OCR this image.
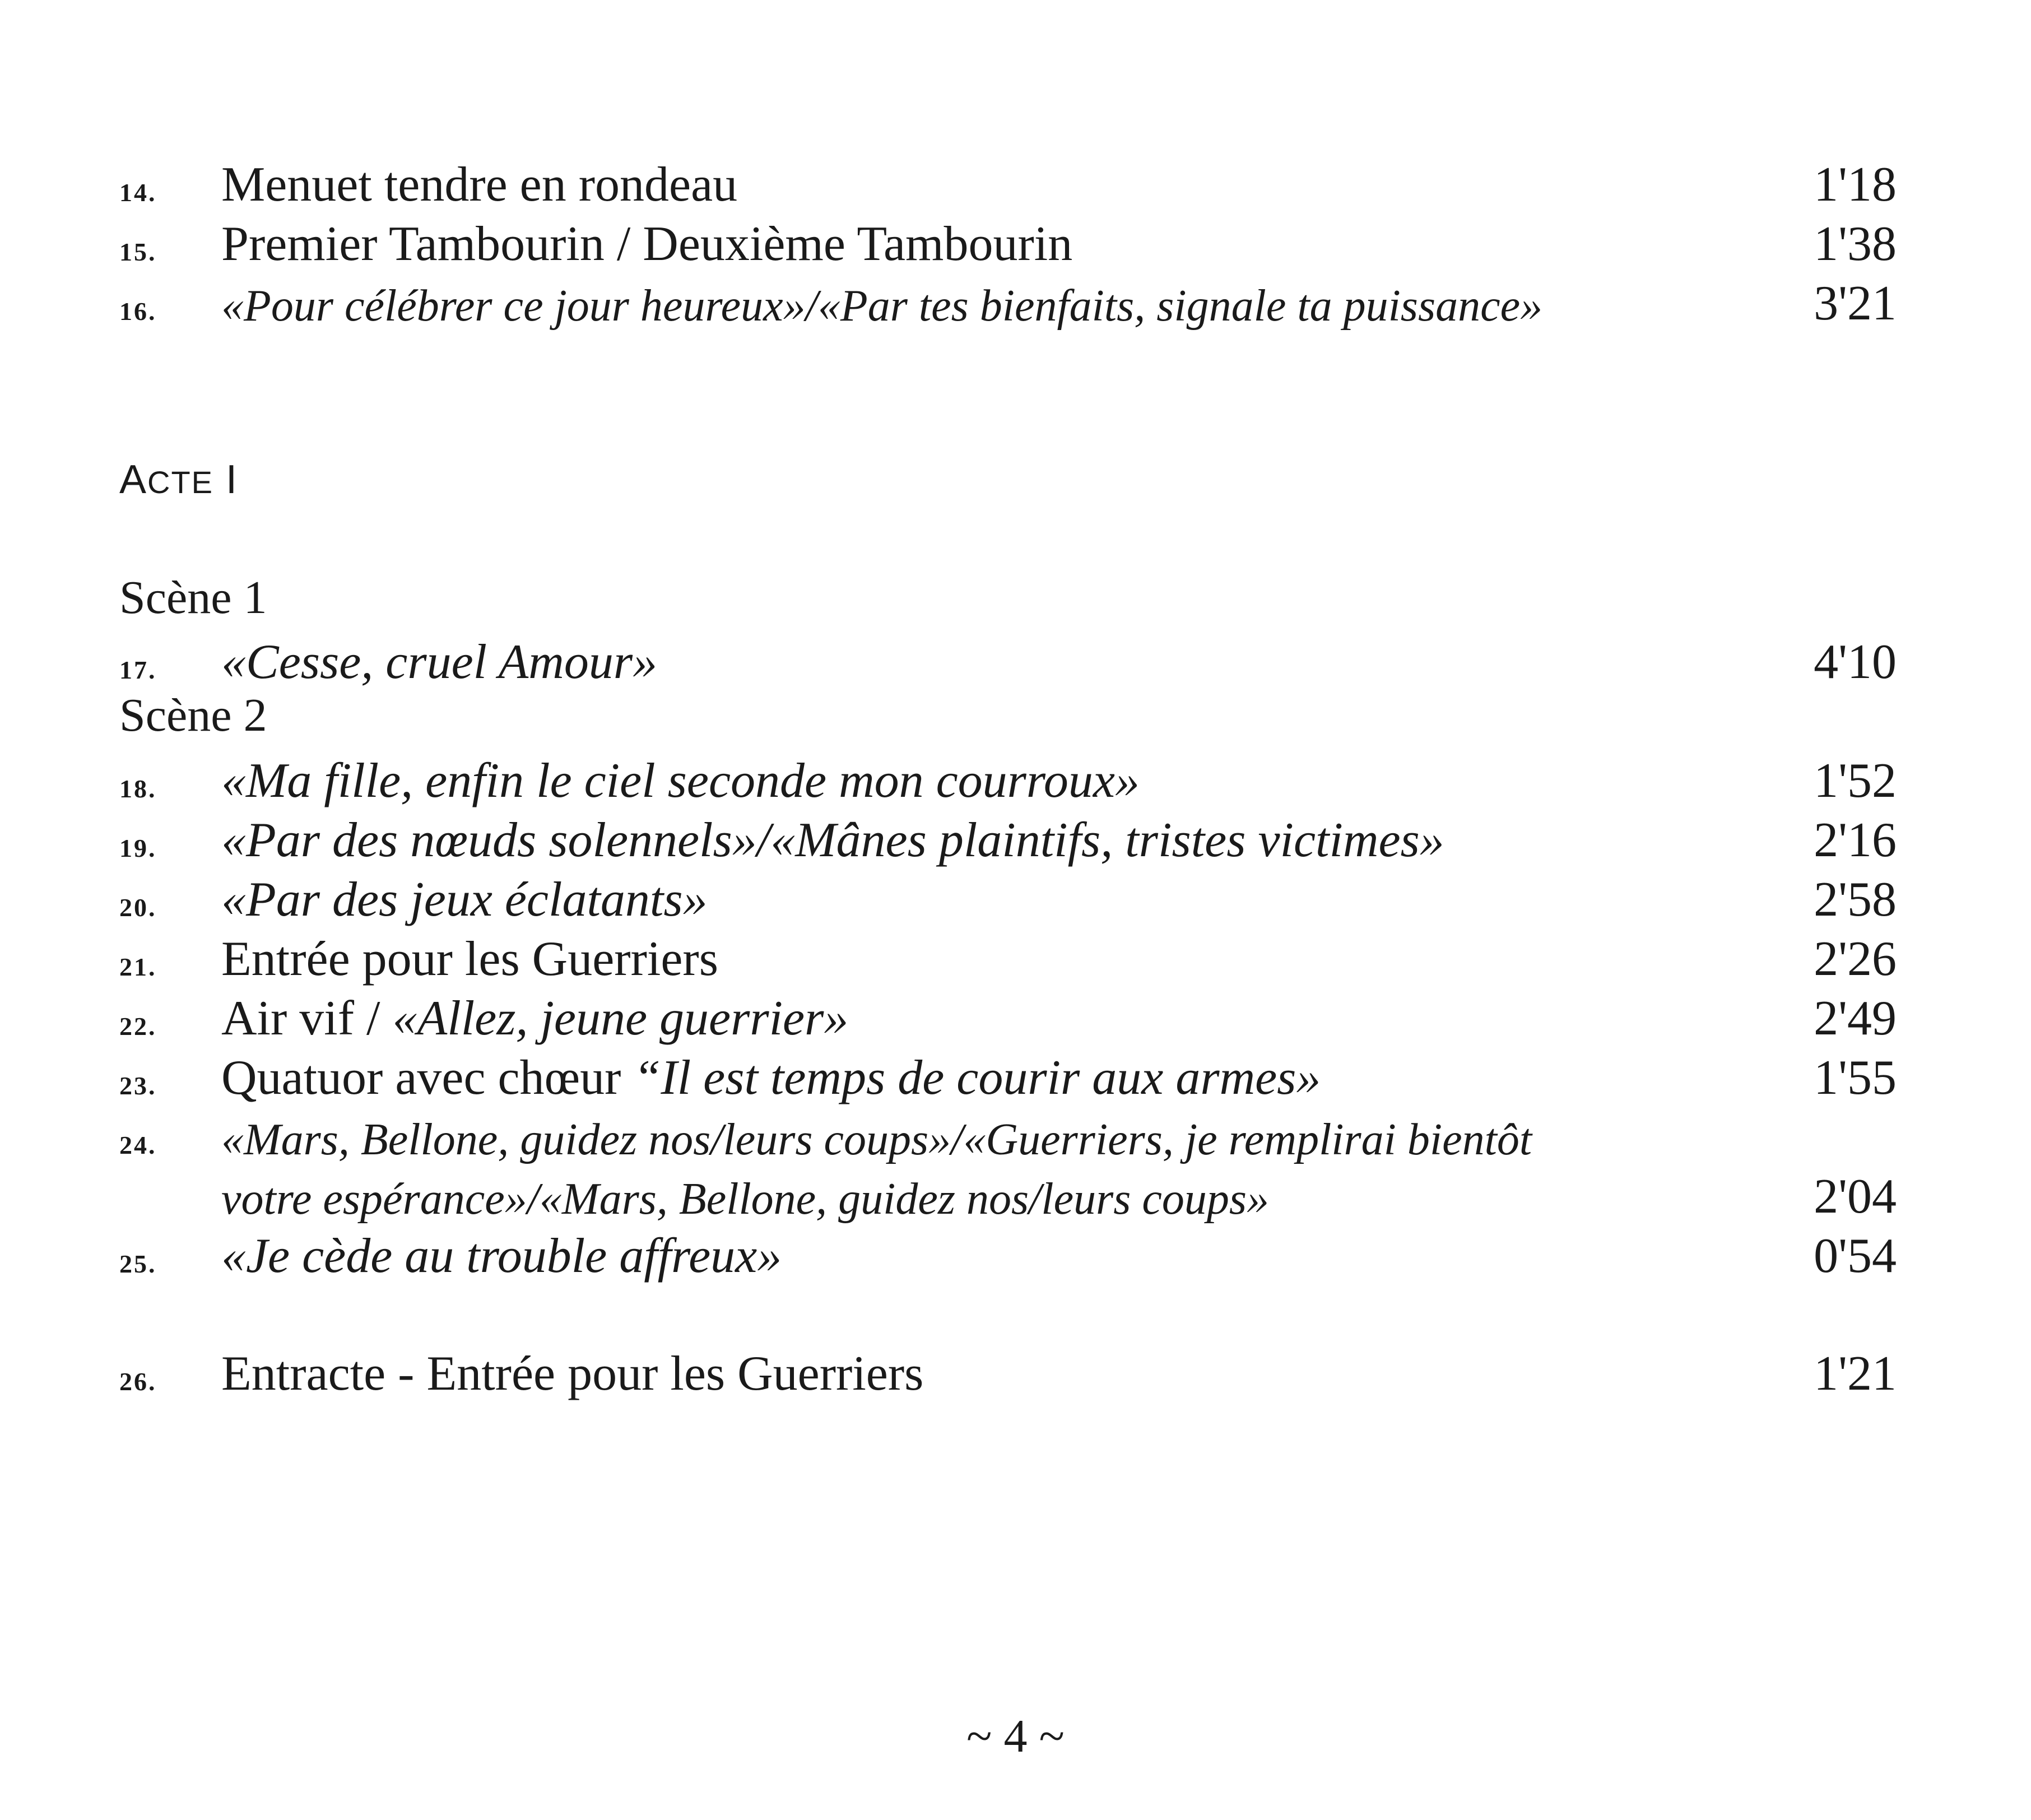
14. Menuet tendre en rondeau	1'18
15. Premier Tambourin / Deuxième Tambourin	1'38
16. «Pour célébrer ce jour heureux»/«Par tes bienfaits, signale ta puissance»	3'21
ACTE I
Scène 1
17. «Cesse, cruel Amour»	4'10
Scène 2
18. «Ma fille, enfin le ciel seconde mon courroux»	1'52
19. «Par des nœuds solennels»/«Mânes plaintifs, tristes victimes»	2'16
20. «Par des jeux éclatants»	2'58
21. Entrée pour les Guerriers	2'26
22. Air vif / «Allez, jeune guerrier»	2'49
23. Quatuor avec chœur “Il est temps de courir aux armes»	1'55
24. «Mars, Bellone, guidez nos/leurs coups»/«Guerriers, je remplirai bientôt
votre espérance»/«Mars, Bellone, guidez nos/leurs coups»	2'04
25. «Je cède au trouble affreux»	0'54
26. Entracte - Entrée pour les Guerriers	1'21
~ 4 ~
